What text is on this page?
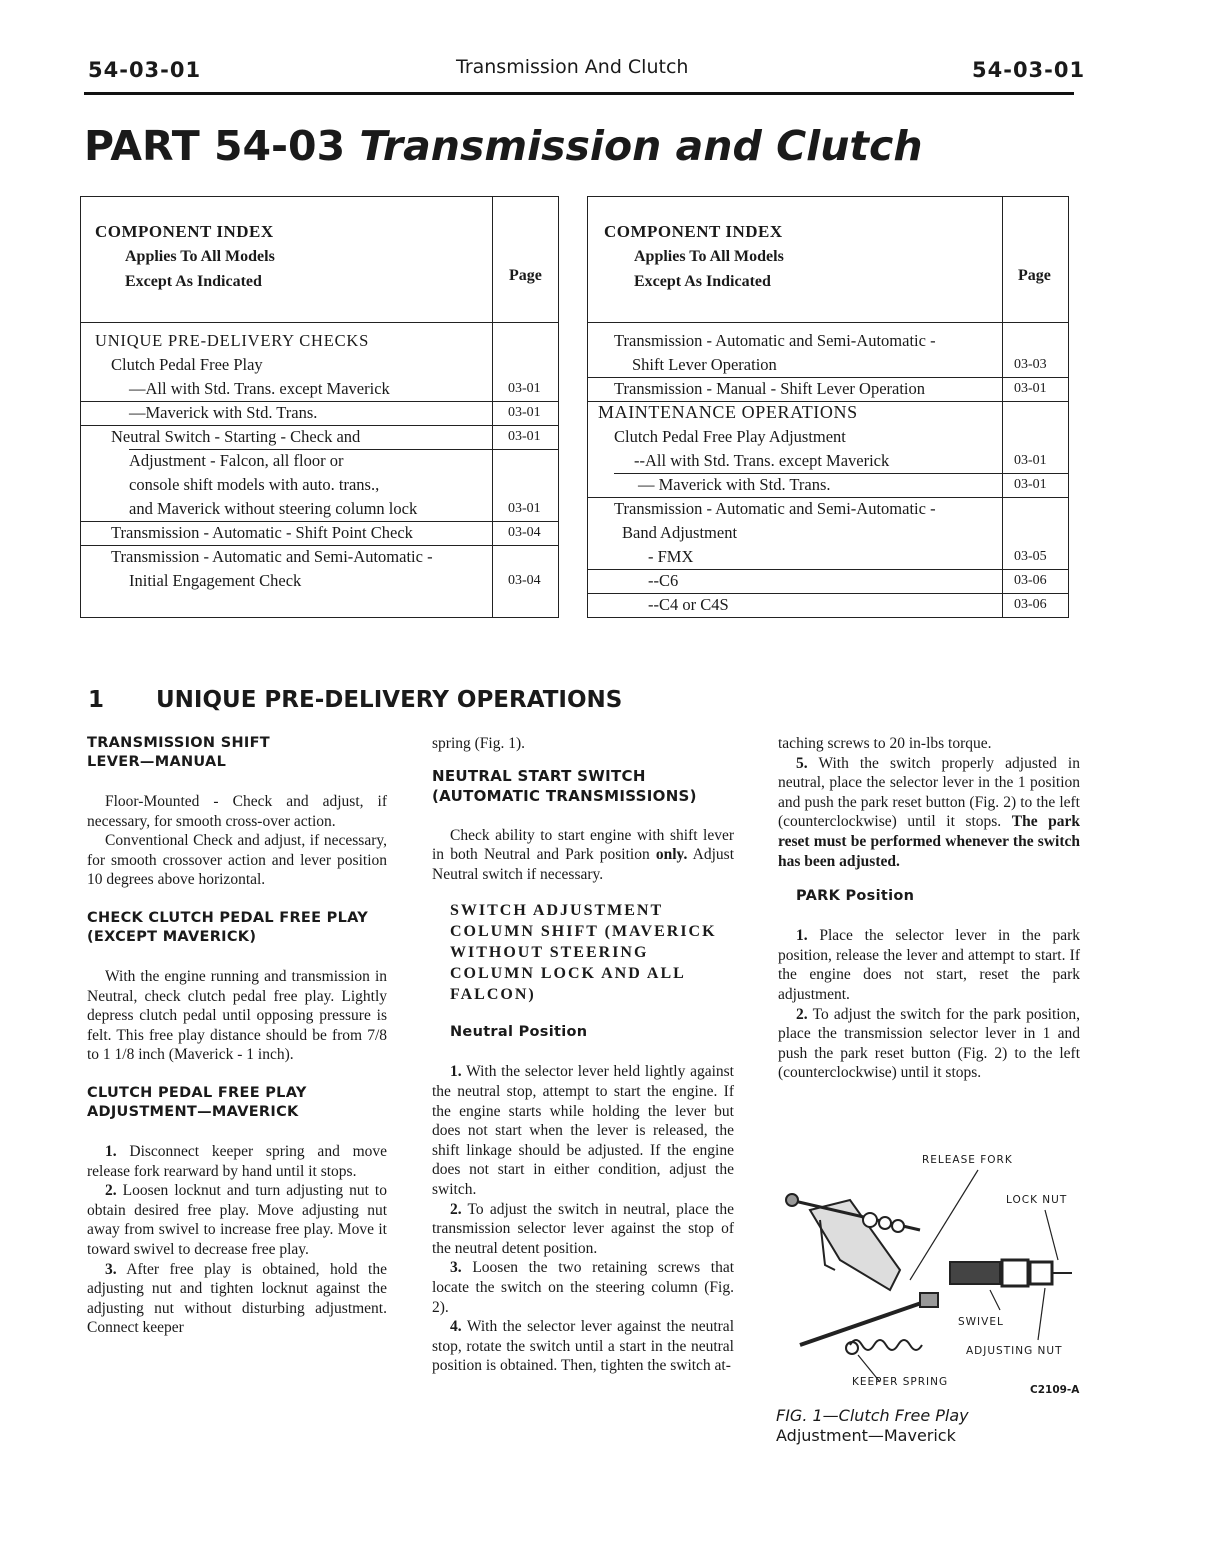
54-03-01	Transmission And Clutch	54-03-01
PART 54-03 Transmission and Clutch
COMPONENT INDEX
Applies To All Models
Except As Indicated	Page
UNIQUE PRE-DELIVERY CHECKS
Clutch Pedal Free Play
—All with Std. Trans. except Maverick	03-01
—Maverick with Std. Trans.	03-01
Neutral Switch - Starting - Check and	03-01
Adjustment - Falcon, all floor or
console shift models with auto. trans.,
and Maverick without steering column lock	03-01
Transmission - Automatic - Shift Point Check	03-04
Transmission - Automatic and Semi-Automatic -
Initial Engagement Check	03-04
COMPONENT INDEX
Applies To All Models
Except As Indicated	Page
Transmission - Automatic and Semi-Automatic -
Shift Lever Operation	03-03
Transmission - Manual - Shift Lever Operation	03-01
MAINTENANCE OPERATIONS
Clutch Pedal Free Play Adjustment
--All with Std. Trans. except Maverick	03-01
— Maverick with Std. Trans.	03-01
Transmission - Automatic and Semi-Automatic -
Band Adjustment
- FMX	03-05
--C6	03-06
--C4 or C4S	03-06
1 UNIQUE PRE-DELIVERY OPERATIONS
TRANSMISSION SHIFT LEVER—MANUAL

Floor-Mounted - Check and adjust, if necessary, for smooth cross-over action.

Conventional Check and adjust, if necessary, for smooth crossover action and lever position 10 degrees above horizontal.

CHECK CLUTCH PEDAL FREE PLAY (EXCEPT MAVERICK)

With the engine running and transmission in Neutral, check clutch pedal free play. Lightly depress clutch pedal until opposing pressure is felt. This free play distance should be from 7/8 to 1 1/8 inch (Maverick - 1 inch).

CLUTCH PEDAL FREE PLAY ADJUSTMENT—MAVERICK

1. Disconnect keeper spring and move release fork rearward by hand until it stops.

2. Loosen locknut and turn adjusting nut to obtain desired free play. Move adjusting nut away from swivel to increase free play. Move it toward swivel to decrease free play.

3. After free play is obtained, hold the adjusting nut and tighten locknut against the adjusting nut without disturbing adjustment. Connect keeper

spring (Fig. 1).

NEUTRAL START SWITCH (AUTOMATIC TRANSMISSIONS)

Check ability to start engine with shift lever in both Neutral and Park position only. Adjust Neutral switch if necessary.

SWITCH ADJUSTMENT COLUMN SHIFT (MAVERICK WITHOUT STEERING COLUMN LOCK AND ALL FALCON)
Neutral Position

1. With the selector lever held lightly against the neutral stop, attempt to start the engine. If the engine starts while holding the lever but does not start when the lever is released, the shift linkage should be adjusted. If the engine does not start in either condition, adjust the switch.

2. To adjust the switch in neutral, place the transmission selector lever against the stop of the neutral detent position.

3. Loosen the two retaining screws that locate the switch on the steering column (Fig. 2).

4. With the selector lever against the neutral stop, rotate the switch until a start in the neutral position is obtained. Then, tighten the switch at-

taching screws to 20 in-lbs torque.

5. With the switch properly adjusted in neutral, place the selector lever in the 1 position and push the park reset button (Fig. 2) to the left (counterclockwise) until it stops. The park reset must be performed whenever the switch has been adjusted.

PARK Position

1. Place the selector lever in the park position, release the lever and attempt to start. If the engine does not start, reset the park adjustment.

2. To adjust the switch for the park position, place the transmission selector lever in 1 and push the park reset button (Fig. 2) to the left (counterclockwise) until it stops.

RELEASE FORK
LOCK NUT
SWIVEL
ADJUSTING NUT
KEEPER SPRING
C2109-A
FIG. 1—Clutch Free Play
Adjustment—Maverick
